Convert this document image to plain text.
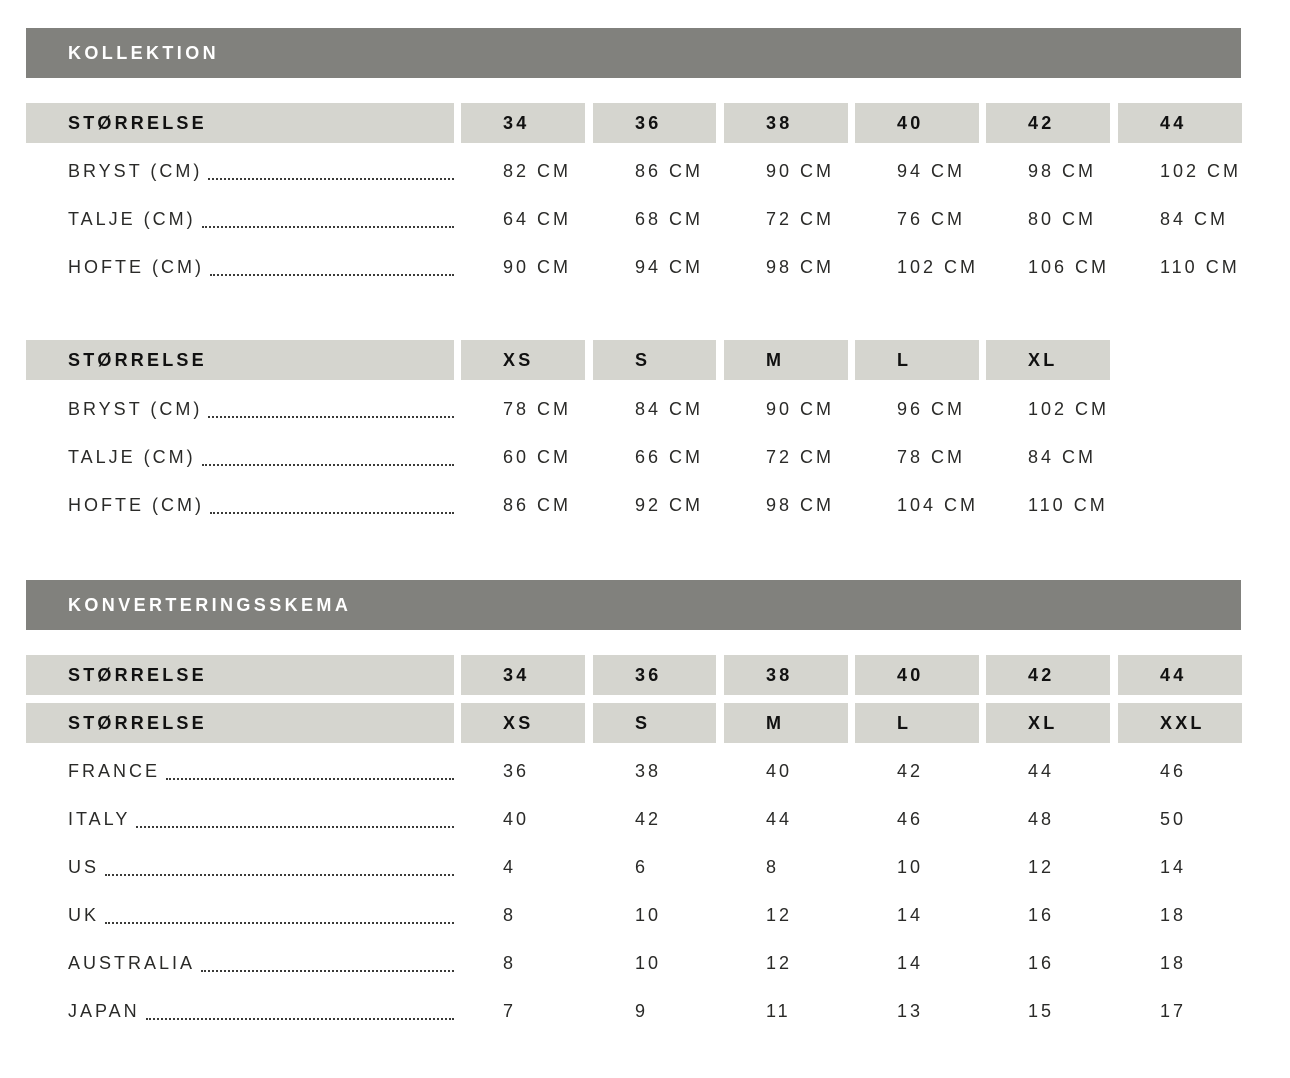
KOLLEKTION
STØRRELSE	34	36	38	40	42	44
BRYST (CM)	82 CM	86 CM	90 CM	94 CM	98 CM	102 CM
TALJE (CM)	64 CM	68 CM	72 CM	76 CM	80 CM	84 CM
HOFTE (CM)	90 CM	94 CM	98 CM	102 CM	106 CM	110 CM
STØRRELSE	XS	S	M	L	XL
BRYST (CM)	78 CM	84 CM	90 CM	96 CM	102 CM
TALJE (CM)	60 CM	66 CM	72 CM	78 CM	84 CM
HOFTE (CM)	86 CM	92 CM	98 CM	104 CM	110 CM
KONVERTERINGSSKEMA
STØRRELSE	34	36	38	40	42	44
STØRRELSE	XS	S	M	L	XL	XXL
FRANCE	36	38	40	42	44	46
ITALY	40	42	44	46	48	50
US	4	6	8	10	12	14
UK	8	10	12	14	16	18
AUSTRALIA	8	10	12	14	16	18
JAPAN	7	9	11	13	15	17
